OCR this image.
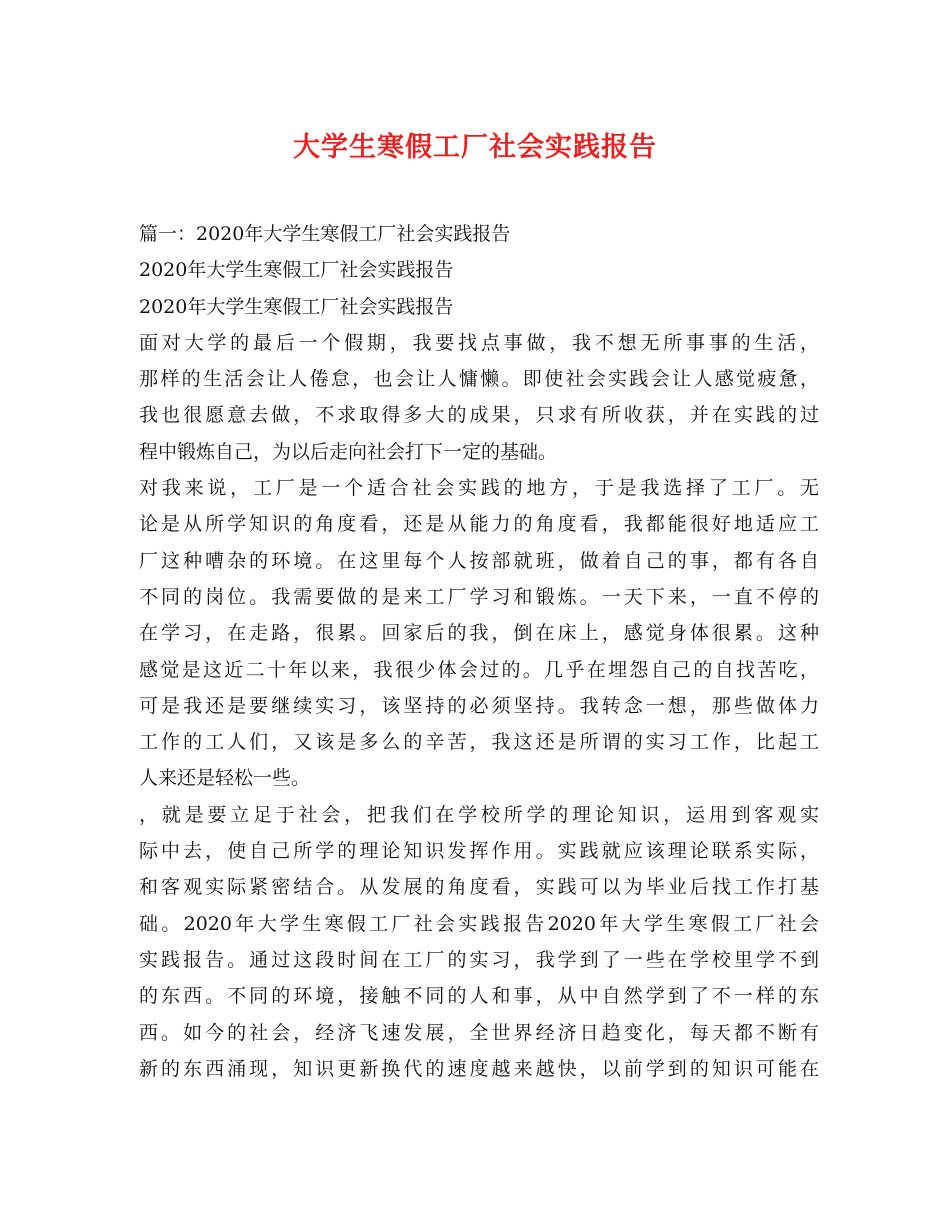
大学生寒假工厂社会实践报告
篇一：2020年大学生寒假工厂社会实践报告
2020年大学生寒假工厂社会实践报告
2020年大学生寒假工厂社会实践报告
面对大学的最后一个假期，我要找点事做，我不想无所事事的生活，
那样的生活会让人倦怠，也会让人慵懒。即使社会实践会让人感觉疲惫，
我也很愿意去做，不求取得多大的成果，只求有所收获，并在实践的过
程中锻炼自己，为以后走向社会打下一定的基础。
对我来说，工厂是一个适合社会实践的地方，于是我选择了工厂。无
论是从所学知识的角度看，还是从能力的角度看，我都能很好地适应工
厂这种嘈杂的环境。在这里每个人按部就班，做着自己的事，都有各自
不同的岗位。我需要做的是来工厂学习和锻炼。一天下来，一直不停的
在学习，在走路，很累。回家后的我，倒在床上，感觉身体很累。这种
感觉是这近二十年以来，我很少体会过的。几乎在埋怨自己的自找苦吃，
可是我还是要继续实习，该坚持的必须坚持。我转念一想，那些做体力
工作的工人们，又该是多么的辛苦，我这还是所谓的实习工作，比起工
人来还是轻松一些。
，就是要立足于社会，把我们在学校所学的理论知识，运用到客观实
际中去，使自己所学的理论知识发挥作用。实践就应该理论联系实际，
和客观实际紧密结合。从发展的角度看，实践可以为毕业后找工作打基
础。2020年大学生寒假工厂社会实践报告2020年大学生寒假工厂社会
实践报告。通过这段时间在工厂的实习，我学到了一些在学校里学不到
的东西。不同的环境，接触不同的人和事，从中自然学到了不一样的东
西。如今的社会，经济飞速发展，全世界经济日趋变化，每天都不断有
新的东西涌现，知识更新换代的速度越来越快，以前学到的知识可能在
